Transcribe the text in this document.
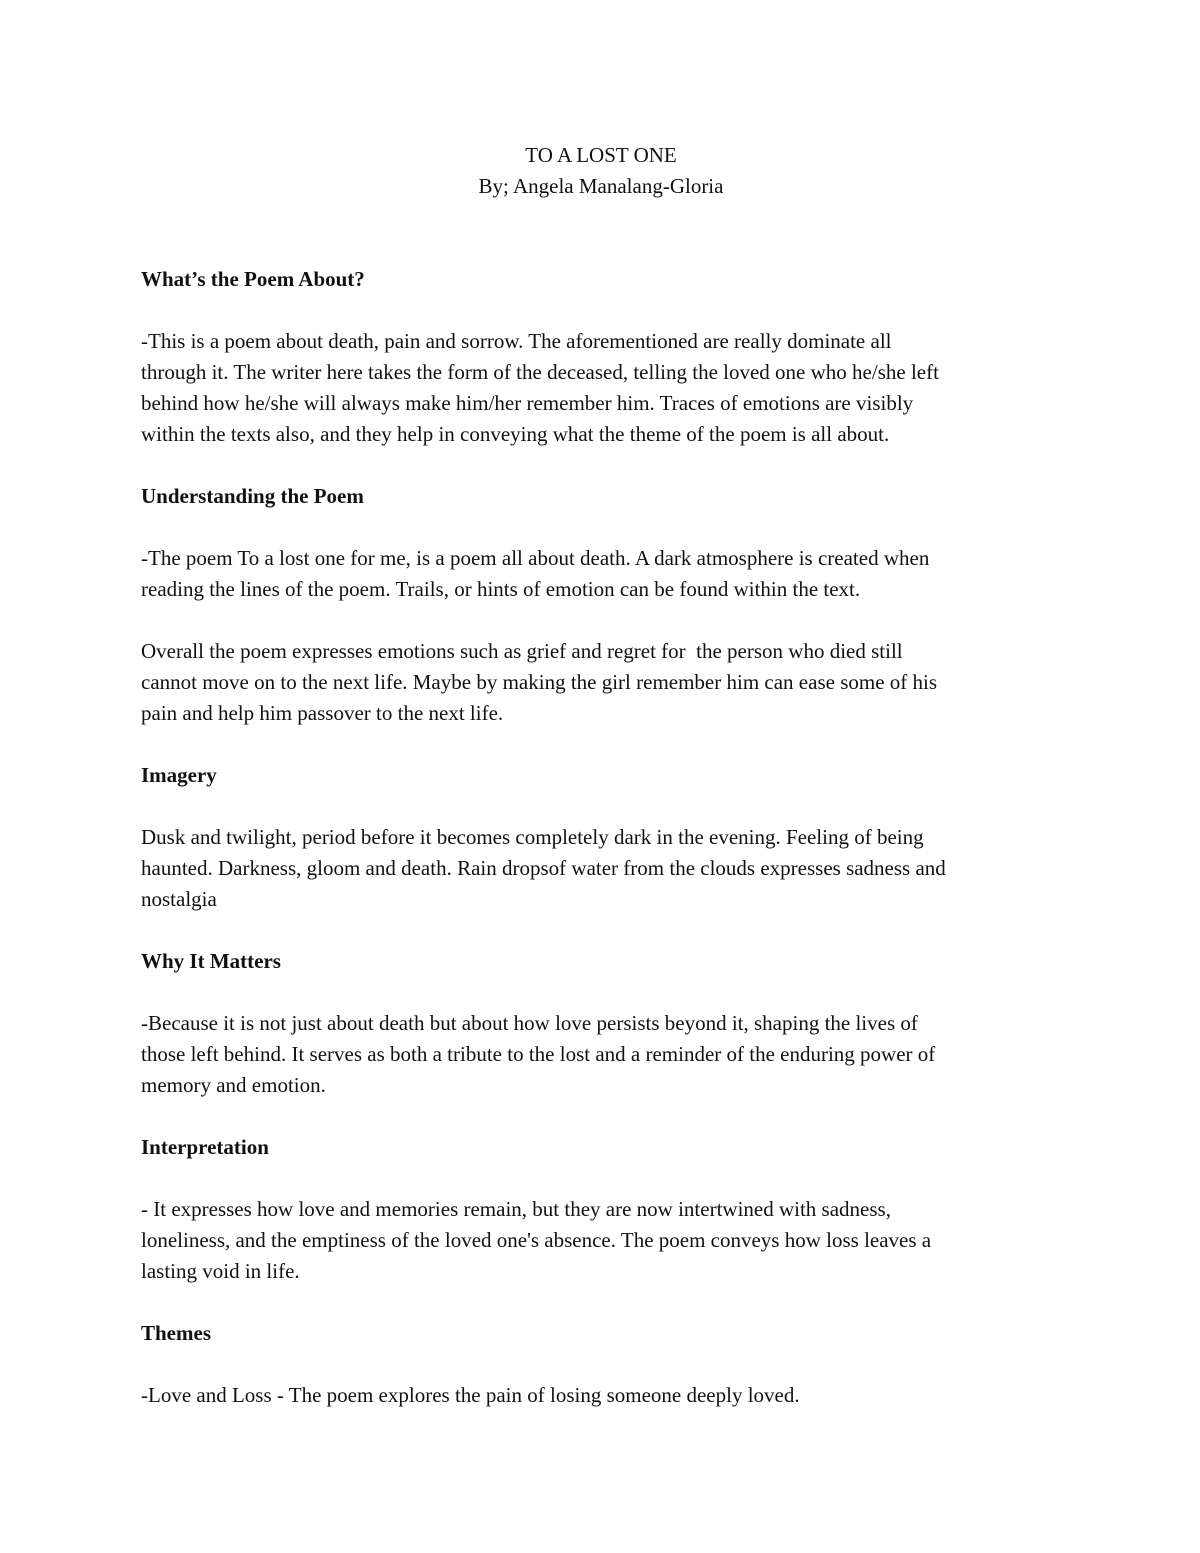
TO A LOST ONE
By; Angela Manalang-Gloria
What’s the Poem About?
-This is a poem about death, pain and sorrow. The aforementioned are really dominate all
through it. The writer here takes the form of the deceased, telling the loved one who he/she left
behind how he/she will always make him/her remember him. Traces of emotions are visibly
within the texts also, and they help in conveying what the theme of the poem is all about.
Understanding the Poem
-The poem To a lost one for me, is a poem all about death. A dark atmosphere is created when
reading the lines of the poem. Trails, or hints of emotion can be found within the text.
Overall the poem expresses emotions such as grief and regret for  the person who died still
cannot move on to the next life. Maybe by making the girl remember him can ease some of his
pain and help him passover to the next life.
Imagery
Dusk and twilight, period before it becomes completely dark in the evening. Feeling of being
haunted. Darkness, gloom and death. Rain dropsof water from the clouds expresses sadness and
nostalgia
Why It Matters
-Because it is not just about death but about how love persists beyond it, shaping the lives of
those left behind. It serves as both a tribute to the lost and a reminder of the enduring power of
memory and emotion.
Interpretation
- It expresses how love and memories remain, but they are now intertwined with sadness,
loneliness, and the emptiness of the loved one's absence. The poem conveys how loss leaves a
lasting void in life.
Themes
-Love and Loss - The poem explores the pain of losing someone deeply loved.
